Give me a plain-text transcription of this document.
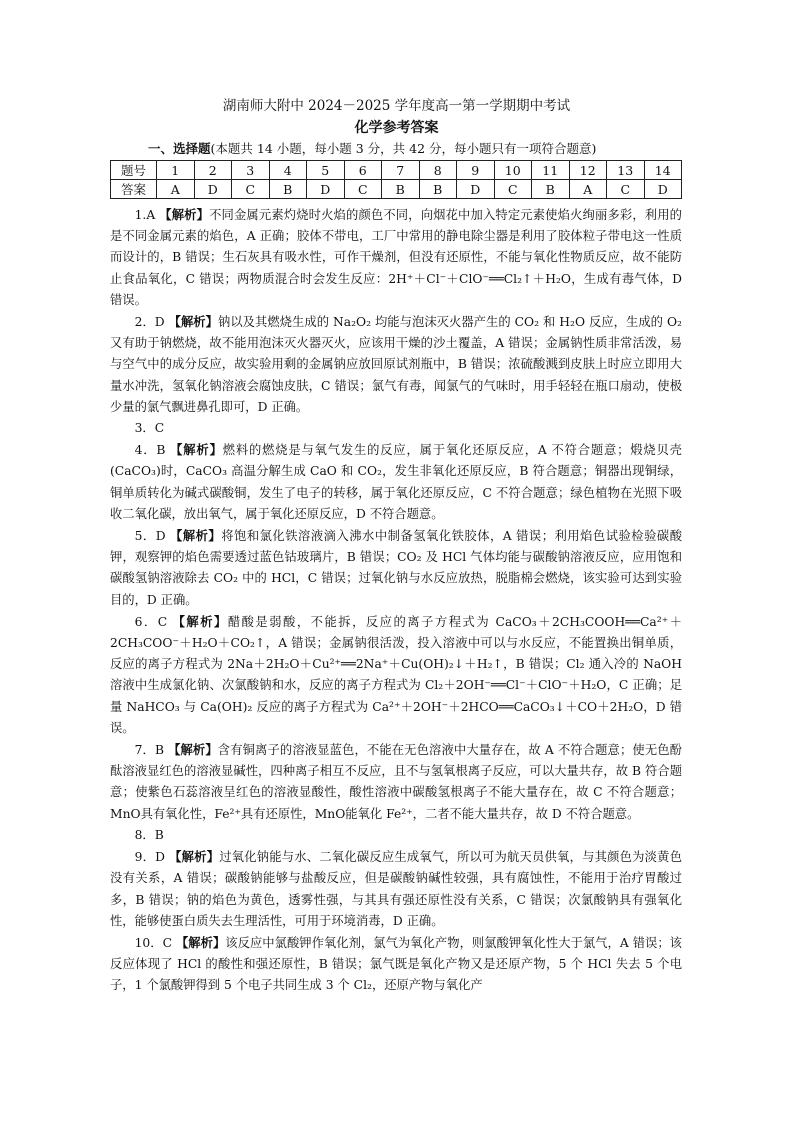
湖南师大附中 2024－2025 学年度高一第一学期期中考试
化学参考答案
一、选择题(本题共 14 小题，每小题 3 分，共 42 分，每小题只有一项符合题意)
题号	1	2	3	4	5	6	7	8	9	10	11	12	13	14
答案	A	D	C	B	D	C	B	B	D	C	B	A	C	D

1.A 【解析】不同金属元素灼烧时火焰的颜色不同，向烟花中加入特定元素使焰火绚丽多彩，利用的是不同金属元素的焰色，A 正确；胶体不带电，工厂中常用的静电除尘器是利用了胶体粒子带电这一性质而设计的，B 错误；生石灰具有吸水性，可作干燥剂，但没有还原性，不能与氧化性物质反应，故不能防止食品氧化，C 错误；两物质混合时会发生反应：2H⁺＋Cl⁻＋ClO⁻══Cl₂↑＋H₂O，生成有毒气体，D 错误。

2．D 【解析】钠以及其燃烧生成的 Na₂O₂ 均能与泡沫灭火器产生的 CO₂ 和 H₂O 反应，生成的 O₂ 又有助于钠燃烧，故不能用泡沫灭火器灭火，应该用干燥的沙土覆盖，A 错误；金属钠性质非常活泼，易与空气中的成分反应，故实验用剩的金属钠应放回原试剂瓶中，B 错误；浓硫酸溅到皮肤上时应立即用大量水冲洗，氢氧化钠溶液会腐蚀皮肤，C 错误；氯气有毒，闻氯气的气味时，用手轻轻在瓶口扇动，使极少量的氯气飘进鼻孔即可，D 正确。

3．C

4．B 【解析】燃料的燃烧是与氧气发生的反应，属于氧化还原反应，A 不符合题意；煅烧贝壳(CaCO₃)时，CaCO₃ 高温分解生成 CaO 和 CO₂，发生非氧化还原反应，B 符合题意；铜器出现铜绿，铜单质转化为碱式碳酸铜，发生了电子的转移，属于氧化还原反应，C 不符合题意；绿色植物在光照下吸收二氧化碳，放出氧气，属于氧化还原反应，D 不符合题意。

5．D 【解析】将饱和氯化铁溶液滴入沸水中制备氢氧化铁胶体，A 错误；利用焰色试验检验碳酸钾，观察钾的焰色需要透过蓝色钴玻璃片，B 错误；CO₂ 及 HCl 气体均能与碳酸钠溶液反应，应用饱和碳酸氢钠溶液除去 CO₂ 中的 HCl，C 错误；过氧化钠与水反应放热，脱脂棉会燃烧，该实验可达到实验目的，D 正确。

6．C 【解析】醋酸是弱酸，不能拆，反应的离子方程式为 CaCO₃＋2CH₃COOH══Ca²⁺＋2CH₃COO⁻＋H₂O＋CO₂↑，A 错误；金属钠很活泼，投入溶液中可以与水反应，不能置换出铜单质，反应的离子方程式为 2Na＋2H₂O＋Cu²⁺══2Na⁺＋Cu(OH)₂↓＋H₂↑，B 错误；Cl₂ 通入冷的 NaOH 溶液中生成氯化钠、次氯酸钠和水，反应的离子方程式为 Cl₂＋2OH⁻══Cl⁻＋ClO⁻＋H₂O，C 正确；足量 NaHCO₃ 与 Ca(OH)₂ 反应的离子方程式为 Ca²⁺＋2OH⁻＋2HCO══CaCO₃↓＋CO＋2H₂O，D 错误。

7．B 【解析】含有铜离子的溶液显蓝色，不能在无色溶液中大量存在，故 A 不符合题意；使无色酚酞溶液显红色的溶液显碱性，四种离子相互不反应，且不与氢氧根离子反应，可以大量共存，故 B 符合题意；使紫色石蕊溶液呈红色的溶液显酸性，酸性溶液中碳酸氢根离子不能大量存在，故 C 不符合题意；MnO具有氧化性，Fe²⁺具有还原性，MnO能氧化 Fe²⁺，二者不能大量共存，故 D 不符合题意。

8．B

9．D 【解析】过氧化钠能与水、二氧化碳反应生成氧气，所以可为航天员供氧，与其颜色为淡黄色没有关系，A 错误；碳酸钠能够与盐酸反应，但是碳酸钠碱性较强，具有腐蚀性，不能用于治疗胃酸过多，B 错误；钠的焰色为黄色，透雾性强，与其具有强还原性没有关系，C 错误；次氯酸钠具有强氧化性，能够使蛋白质失去生理活性，可用于环境消毒，D 正确。

10．C 【解析】该反应中氯酸钾作氧化剂，氯气为氧化产物，则氯酸钾氧化性大于氯气，A 错误；该反应体现了 HCl 的酸性和强还原性，B 错误；氯气既是氧化产物又是还原产物，5 个 HCl 失去 5 个电子，1 个氯酸钾得到 5 个电子共同生成 3 个 Cl₂，还原产物与氧化产
